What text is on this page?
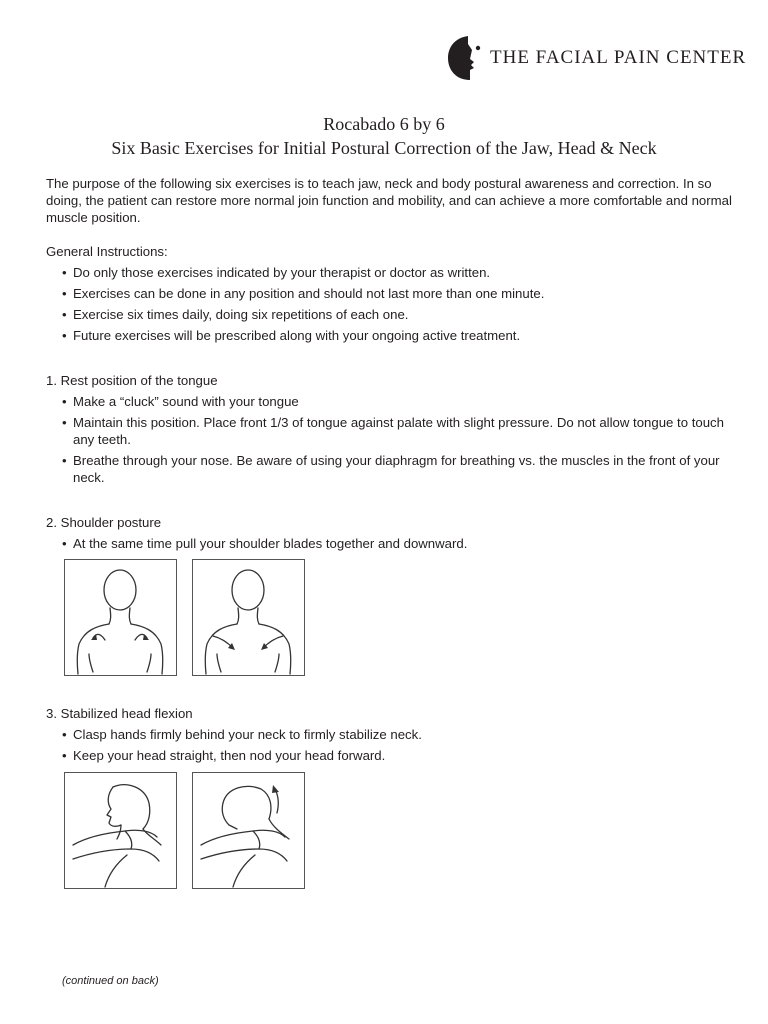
THE FACIAL PAIN CENTER
Rocabado 6 by 6
Six Basic Exercises for Initial Postural Correction of the Jaw, Head & Neck

The purpose of the following six exercises is to teach jaw, neck and body postural awareness and correction. In so doing, the patient can restore more normal join function and mobility, and can achieve a more comfortable and normal muscle position.

General Instructions:

• Do only those exercises indicated by your therapist or doctor as written.
• Exercises can be done in any position and should not last more than one minute.
• Exercise six times daily, doing six repetitions of each one.
• Future exercises will be prescribed along with your ongoing active treatment.

1. Rest position of the tongue

• Make a “cluck” sound with your tongue
• Maintain this position. Place front 1/3 of tongue against palate with slight pressure. Do not allow tongue to touch any teeth.
• Breathe through your nose. Be aware of using your diaphragm for breathing vs. the muscles in the front of your neck.

2. Shoulder posture

• At the same time pull your shoulder blades together and downward.

3. Stabilized head flexion

• Clasp hands firmly behind your neck to firmly stabilize neck.
• Keep your head straight, then nod your head forward.
(continued on back)
